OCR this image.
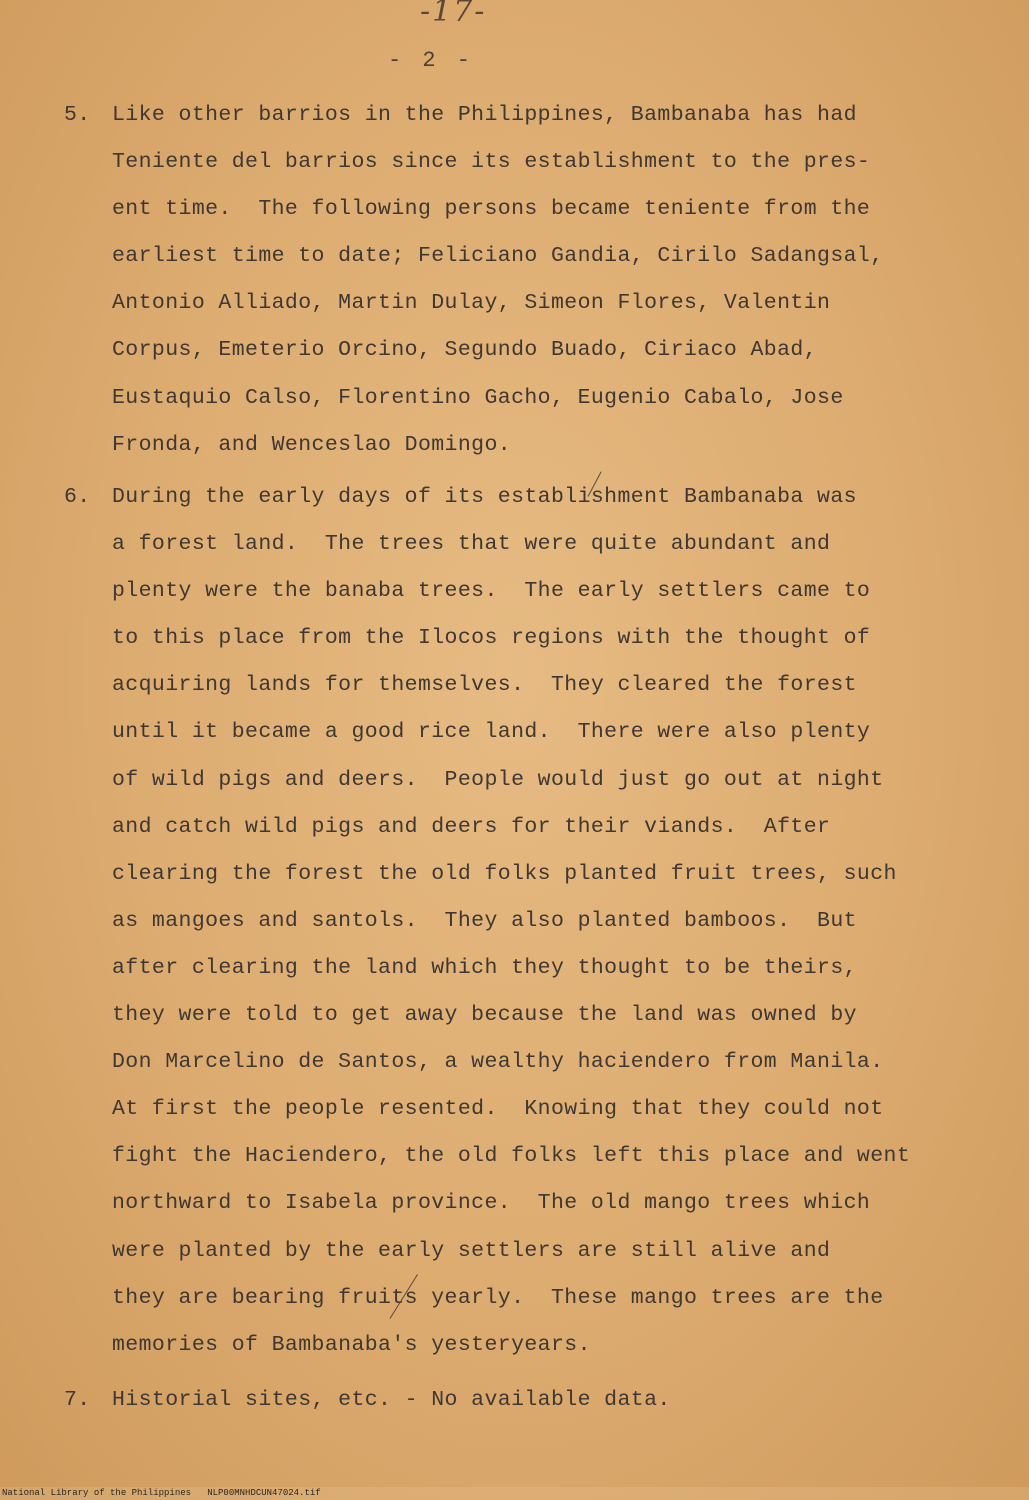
-17-
- 2 -
5. Like other barrios in the Philippines, Bambanaba has had
Teniente del barrios since its establishment to the pres-
ent time.  The following persons became teniente from the
earliest time to date; Feliciano Gandia, Cirilo Sadangsal,
Antonio Alliado, Martin Dulay, Simeon Flores, Valentin
Corpus, Emeterio Orcino, Segundo Buado, Ciriaco Abad,
Eustaquio Calso, Florentino Gacho, Eugenio Cabalo, Jose
Fronda, and Wenceslao Domingo.
6. During the early days of its establishment Bambanaba was
a forest land.  The trees that were quite abundant and
plenty were the banaba trees.  The early settlers came to
to this place from the Ilocos regions with the thought of
acquiring lands for themselves.  They cleared the forest
until it became a good rice land.  There were also plenty
of wild pigs and deers.  People would just go out at night
and catch wild pigs and deers for their viands.  After
clearing the forest the old folks planted fruit trees, such
as mangoes and santols.  They also planted bamboos.  But
after clearing the land which they thought to be theirs,
they were told to get away because the land was owned by
Don Marcelino de Santos, a wealthy haciendero from Manila.
At first the people resented.  Knowing that they could not
fight the Haciendero, the old folks left this place and went
northward to Isabela province.  The old mango trees which
were planted by the early settlers are still alive and
they are bearing fruits yearly.  These mango trees are the
memories of Bambanaba's yesteryears.
7. Historial sites, etc. - No available data.
National Library of the Philippines   NLP00MNHDCUN47024.tif
